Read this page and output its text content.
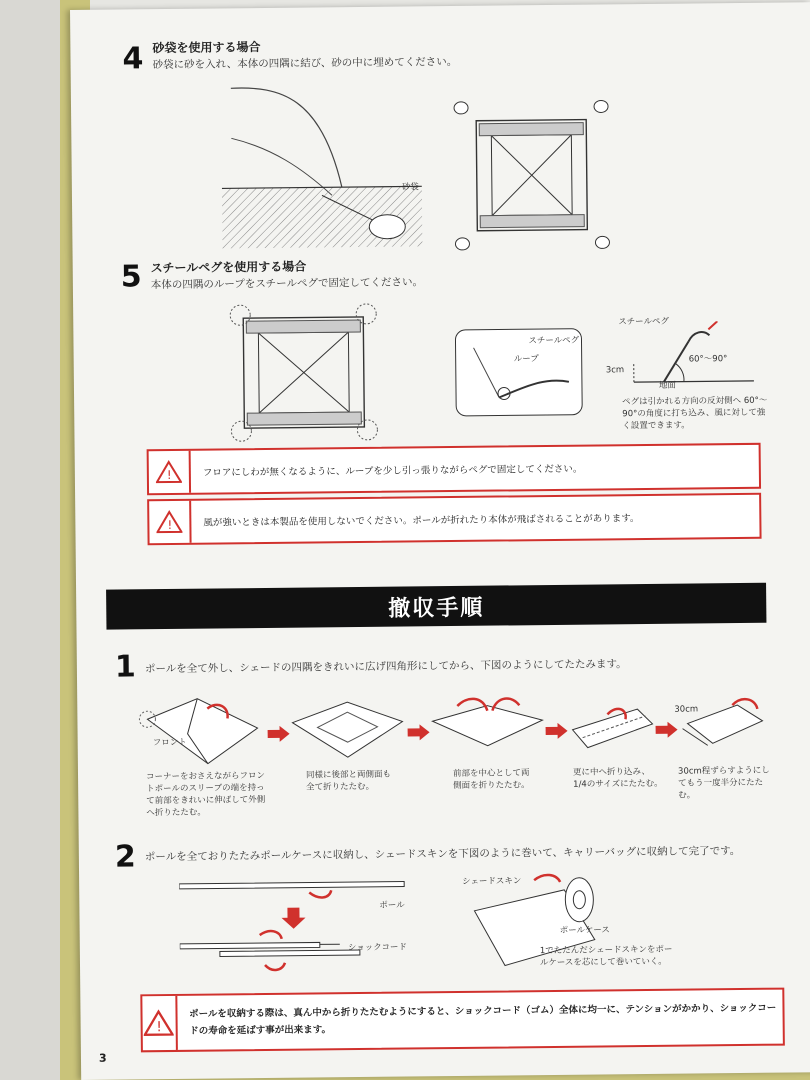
4 砂袋を使用する場合
砂袋に砂を入れ、本体の四隅に結び、砂の中に埋めてください。
砂袋
5 スチールペグを使用する場合
本体の四隅のループをスチールペグで固定してください。
スチールペグ
ループ
スチールペグ
3cm
60°〜90°
地面
ペグは引かれる方向の反対側へ 60°〜90°の角度に打ち込み、風に対して強く設置できます。
!	フロアにしわが無くなるように、ループを少し引っ張りながらペグで固定してください。
!	風が強いときは本製品を使用しないでください。ポールが折れたり本体が飛ばされることがあります。
撤収手順
1 ポールを全て外し、シェードの四隅をきれいに広げ四角形にしてから、下図のようにしてたたみます。
フロント
30cm
コーナーをおさえながらフロントポールのスリーブの端を持って前部をきれいに伸ばして外側へ折りたたむ。
同様に後部と両側面も全て折りたたむ。
前部を中心として両側面を折りたたむ。
更に中へ折り込み、1/4のサイズにたたむ。
30cm程ずらすようにしてもう一度半分にたたむ。
2 ポールを全ておりたたみポールケースに収納し、シェードスキンを下図のように巻いて、キャリーバッグに収納して完了です。
ポール
ショックコード
シェードスキン
ポールケース
1でたたんだシェードスキンをポールケースを芯にして巻いていく。
!
ポールを収納する際は、真ん中から折りたたむようにすると、ショックコード（ゴム）全体に均一に、テンションがかかり、ショックコードの寿命を延ばす事が出来ます。
3
